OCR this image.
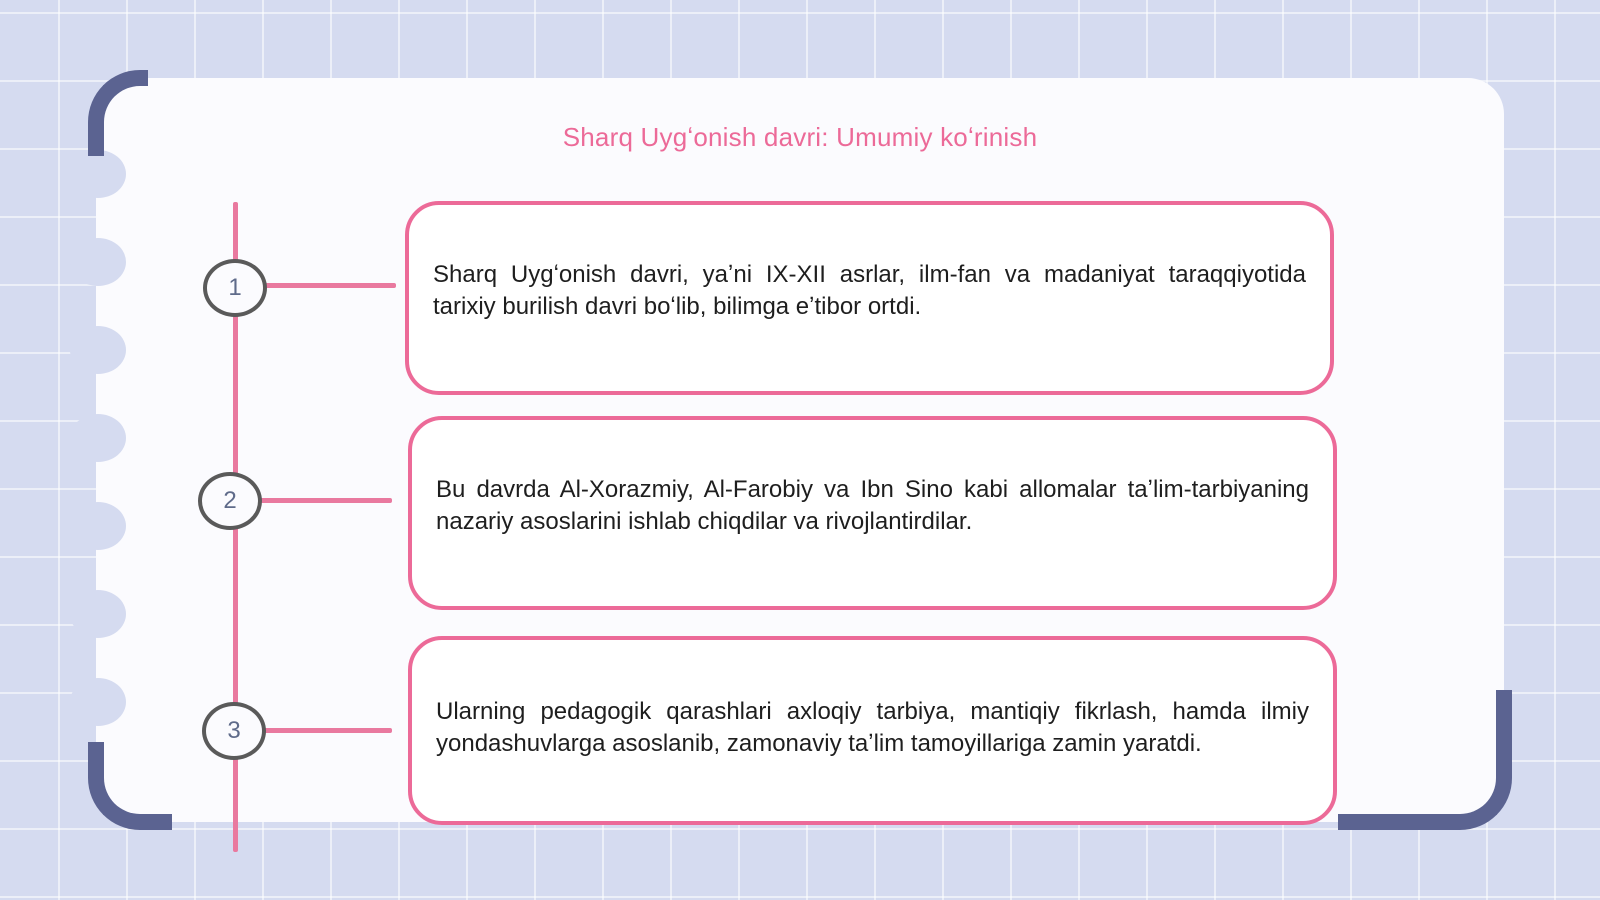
Sharq Uygʻonish davri: Umumiy koʻrinish
1
2
3

Sharq Uygʻonish davri, yaʼni IX-XII asrlar, ilm-fan va madaniyat taraqqiyotida tarixiy burilish davri boʻlib, bilimga eʼtibor ortdi.

Bu davrda Al-Xorazmiy, Al-Farobiy va Ibn Sino kabi allomalar taʼlim-tarbiyaning nazariy asoslarini ishlab chiqdilar va rivojlantirdilar.

Ularning pedagogik qarashlari axloqiy tarbiya, mantiqiy fikrlash, hamda ilmiy yondashuvlarga asoslanib, zamonaviy taʼlim tamoyillariga zamin yaratdi.
